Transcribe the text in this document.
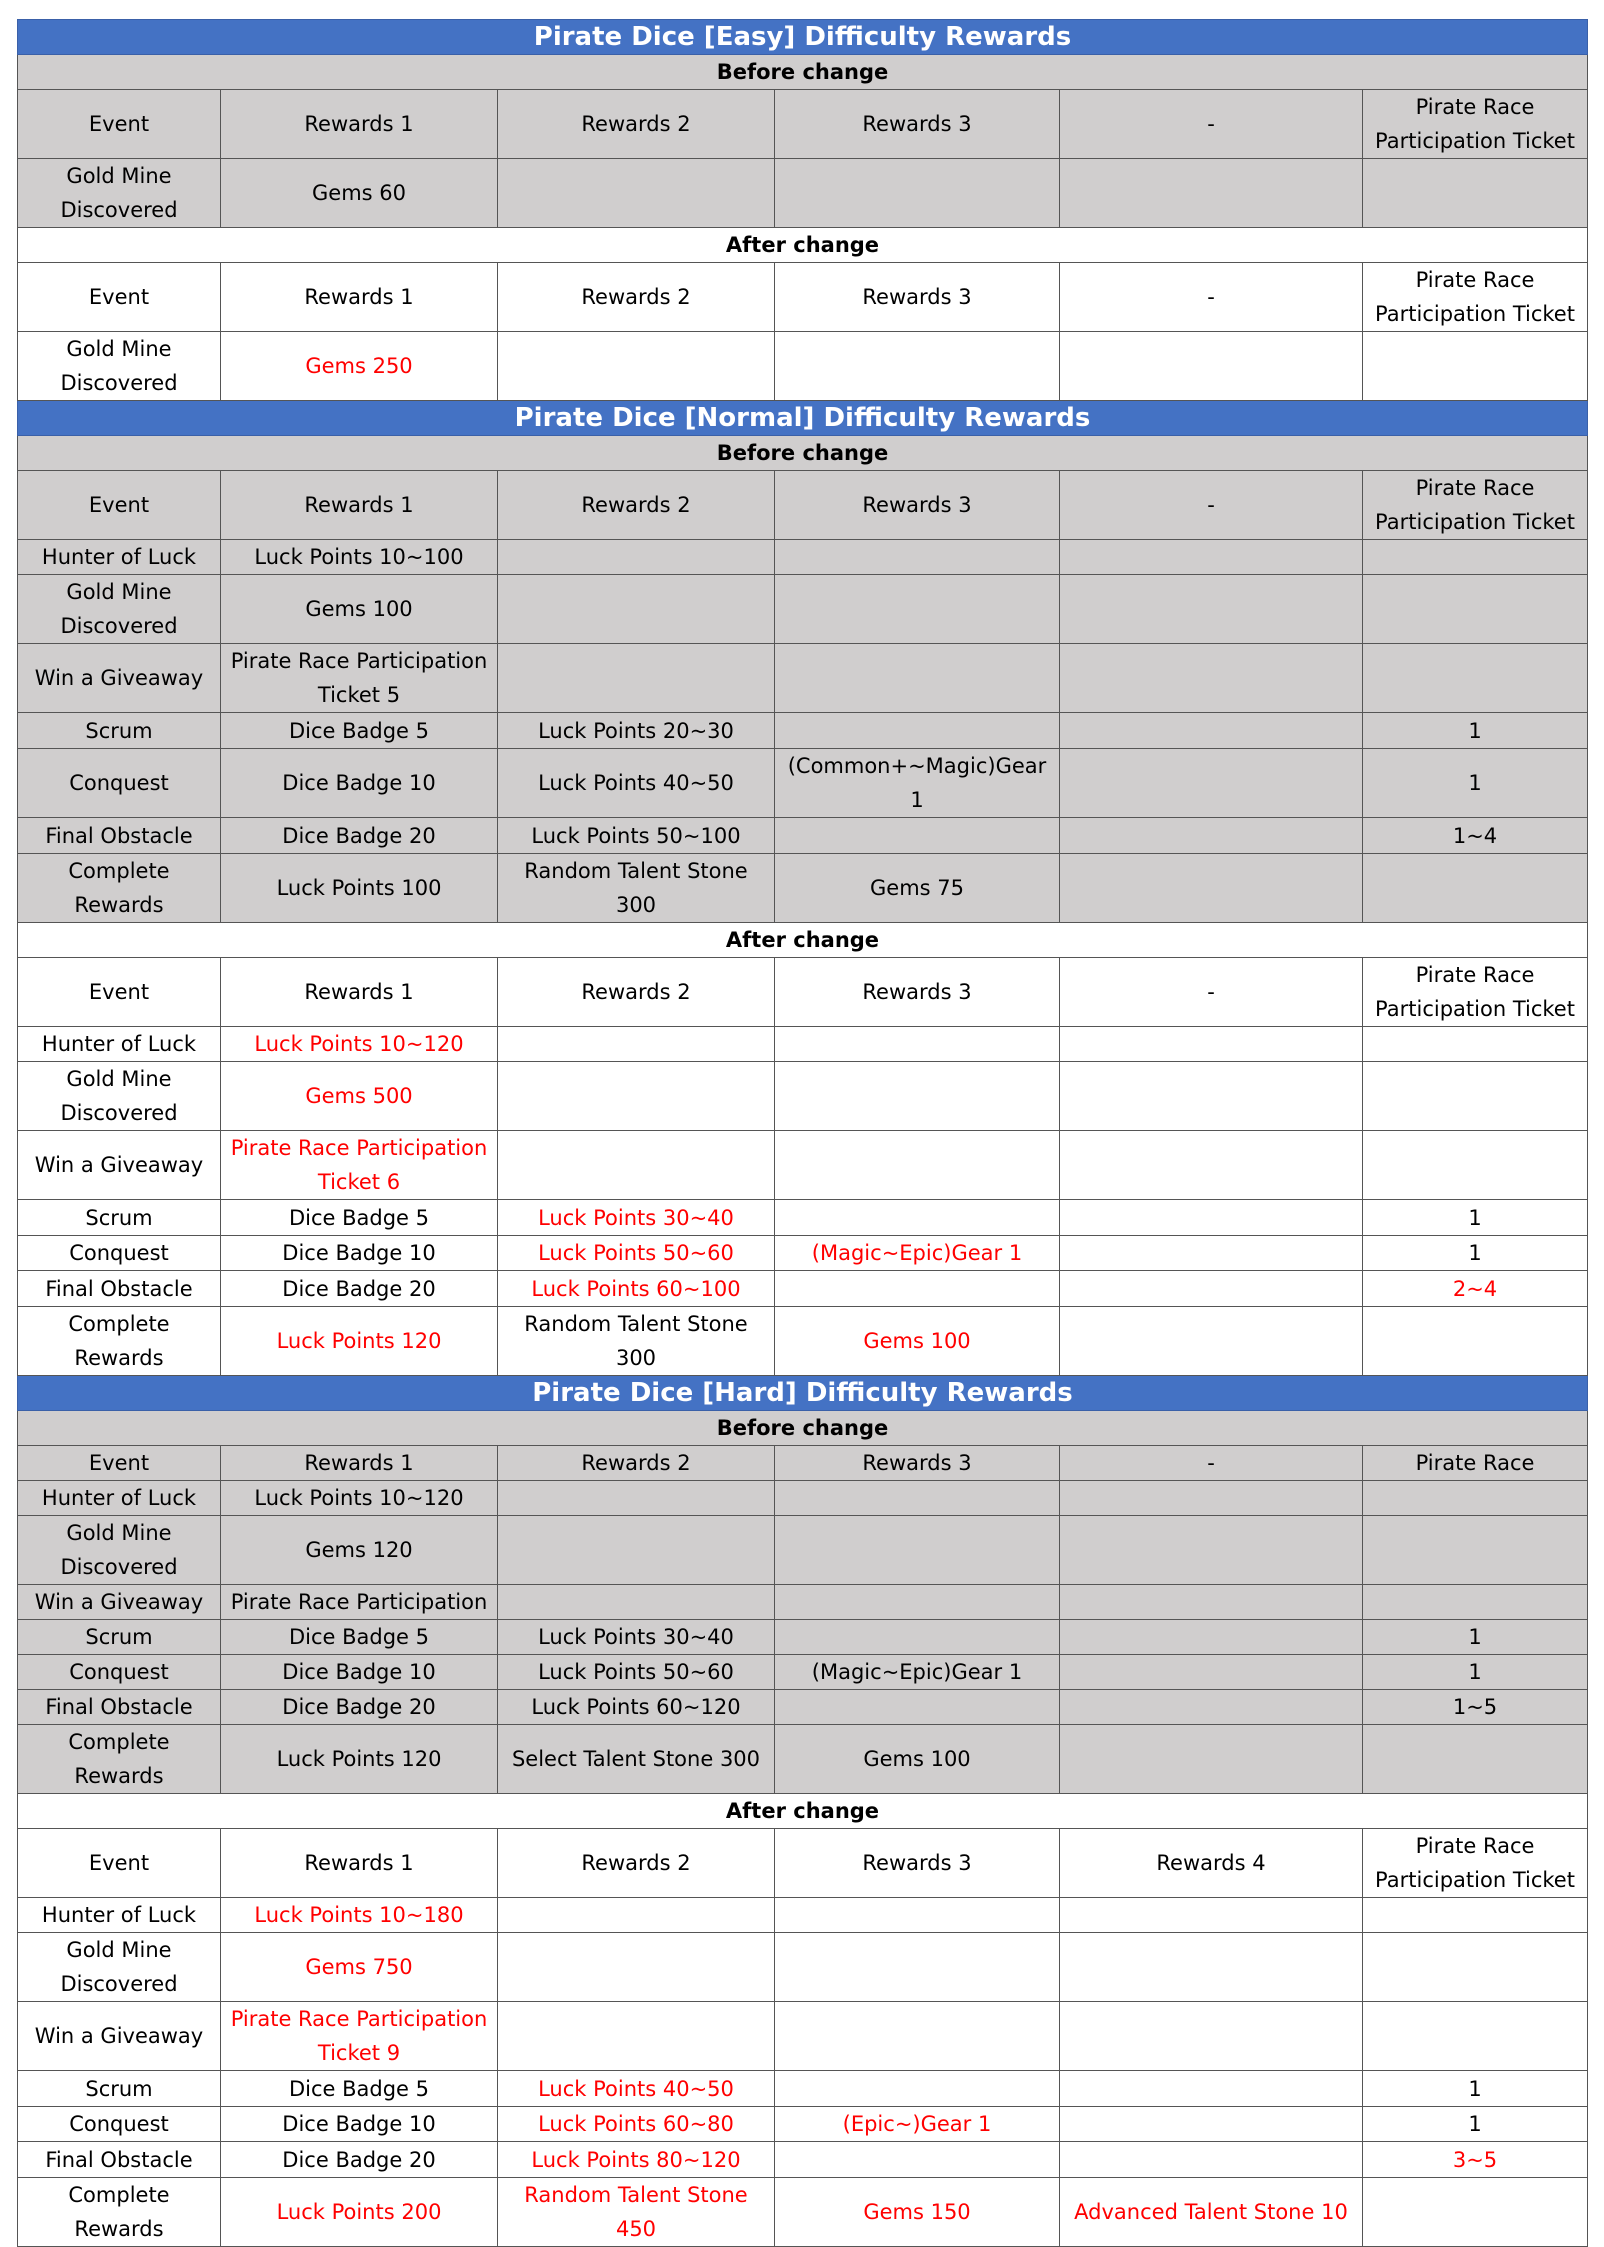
Pirate Dice [Easy] Difficulty Rewards					
Before change					
Event	Rewards 1	Rewards 2	Rewards 3	-	Pirate Race
Participation Ticket
Gold Mine
Discovered	Gems 60				
After change					
Event	Rewards 1	Rewards 2	Rewards 3	-	Pirate Race
Participation Ticket
Gold Mine
Discovered	Gems 250				
Pirate Dice [Normal] Difficulty Rewards					
Before change					
Event	Rewards 1	Rewards 2	Rewards 3	-	Pirate Race
Participation Ticket
Hunter of Luck	Luck Points 10~100				
Gold Mine
Discovered	Gems 100				
Win a Giveaway	Pirate Race Participation
Ticket 5				
Scrum	Dice Badge 5	Luck Points 20~30			1
Conquest	Dice Badge 10	Luck Points 40~50	(Common+~Magic)Gear 1		1
Final Obstacle	Dice Badge 20	Luck Points 50~100			1~4
Complete Rewards	Luck Points 100	Random Talent Stone 300	Gems 75		
After change					
Event	Rewards 1	Rewards 2	Rewards 3	-	Pirate Race
Participation Ticket
Hunter of Luck	Luck Points 10~120				
Gold Mine
Discovered	Gems 500				
Win a Giveaway	Pirate Race Participation
Ticket 6				
Scrum	Dice Badge 5	Luck Points 30~40			1
Conquest	Dice Badge 10	Luck Points 50~60	(Magic~Epic)Gear 1		1
Final Obstacle	Dice Badge 20	Luck Points 60~100			2~4
Complete Rewards	Luck Points 120	Random Talent Stone 300	Gems 100		
Pirate Dice [Hard] Difficulty Rewards					
Before change					
Event	Rewards 1	Rewards 2	Rewards 3	-	Pirate Race
Hunter of Luck	Luck Points 10~120				
Gold Mine
Discovered	Gems 120				
Win a Giveaway	Pirate Race Participation				
Scrum	Dice Badge 5	Luck Points 30~40			1
Conquest	Dice Badge 10	Luck Points 50~60	(Magic~Epic)Gear 1		1
Final Obstacle	Dice Badge 20	Luck Points 60~120			1~5
Complete Rewards	Luck Points 120	Select Talent Stone 300	Gems 100		
After change					
Event	Rewards 1	Rewards 2	Rewards 3	Rewards 4	Pirate Race
Participation Ticket
Hunter of Luck	Luck Points 10~180				
Gold Mine
Discovered	Gems 750				
Win a Giveaway	Pirate Race Participation
Ticket 9				
Scrum	Dice Badge 5	Luck Points 40~50			1
Conquest	Dice Badge 10	Luck Points 60~80	(Epic~)Gear 1		1
Final Obstacle	Dice Badge 20	Luck Points 80~120			3~5
Complete Rewards	Luck Points 200	Random Talent Stone 450	Gems 150	Advanced Talent Stone 10	
